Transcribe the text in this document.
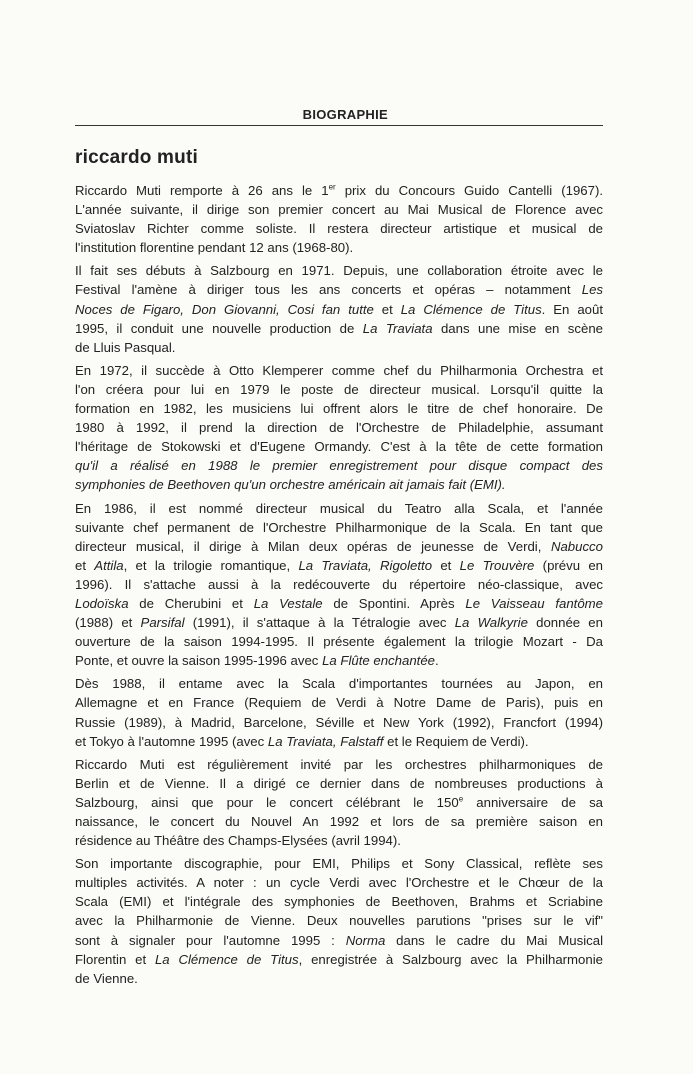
BIOGRAPHIE
riccardo muti

Riccardo Muti remporte à 26 ans le 1er prix du Concours Guido Cantelli (1967).
L'année suivante, il dirige son premier concert au Mai Musical de Florence avec
Sviatoslav Richter comme soliste. Il restera directeur artistique et musical de
l'institution florentine pendant 12 ans (1968-80).

Il fait ses débuts à Salzbourg en 1971. Depuis, une collaboration étroite avec le
Festival l'amène à diriger tous les ans concerts et opéras – notamment Les
Noces de Figaro, Don Giovanni, Cosi fan tutte et La Clémence de Titus. En août
1995, il conduit une nouvelle production de La Traviata dans une mise en scène
de Lluis Pasqual.

En 1972, il succède à Otto Klemperer comme chef du Philharmonia Orchestra et
l'on créera pour lui en 1979 le poste de directeur musical. Lorsqu'il quitte la
formation en 1982, les musiciens lui offrent alors le titre de chef honoraire. De
1980 à 1992, il prend la direction de l'Orchestre de Philadelphie, assumant
l'héritage de Stokowski et d'Eugene Ormandy. C'est à la tête de cette formation
qu'il a réalisé en 1988 le premier enregistrement pour disque compact des
symphonies de Beethoven qu'un orchestre américain ait jamais fait (EMI).

En 1986, il est nommé directeur musical du Teatro alla Scala, et l'année
suivante chef permanent de l'Orchestre Philharmonique de la Scala. En tant que
directeur musical, il dirige à Milan deux opéras de jeunesse de Verdi, Nabucco
et Attila, et la trilogie romantique, La Traviata, Rigoletto et Le Trouvère (prévu en
1996). Il s'attache aussi à la redécouverte du répertoire néo-classique, avec
Lodoïska de Cherubini et La Vestale de Spontini. Après Le Vaisseau fantôme
(1988) et Parsifal (1991), il s'attaque à la Tétralogie avec La Walkyrie donnée en
ouverture de la saison 1994-1995. Il présente également la trilogie Mozart - Da
Ponte, et ouvre la saison 1995-1996 avec La Flûte enchantée.

Dès 1988, il entame avec la Scala d'importantes tournées au Japon, en
Allemagne et en France (Requiem de Verdi à Notre Dame de Paris), puis en
Russie (1989), à Madrid, Barcelone, Séville et New York (1992), Francfort (1994)
et Tokyo à l'automne 1995 (avec La Traviata, Falstaff et le Requiem de Verdi).

Riccardo Muti est régulièrement invité par les orchestres philharmoniques de
Berlin et de Vienne. Il a dirigé ce dernier dans de nombreuses productions à
Salzbourg, ainsi que pour le concert célébrant le 150e anniversaire de sa
naissance, le concert du Nouvel An 1992 et lors de sa première saison en
résidence au Théâtre des Champs-Elysées (avril 1994).

Son importante discographie, pour EMI, Philips et Sony Classical, reflète ses
multiples activités. A noter : un cycle Verdi avec l'Orchestre et le Chœur de la
Scala (EMI) et l'intégrale des symphonies de Beethoven, Brahms et Scriabine
avec la Philharmonie de Vienne. Deux nouvelles parutions "prises sur le vif"
sont à signaler pour l'automne 1995 : Norma dans le cadre du Mai Musical
Florentin et La Clémence de Titus, enregistrée à Salzbourg avec la Philharmonie
de Vienne.
